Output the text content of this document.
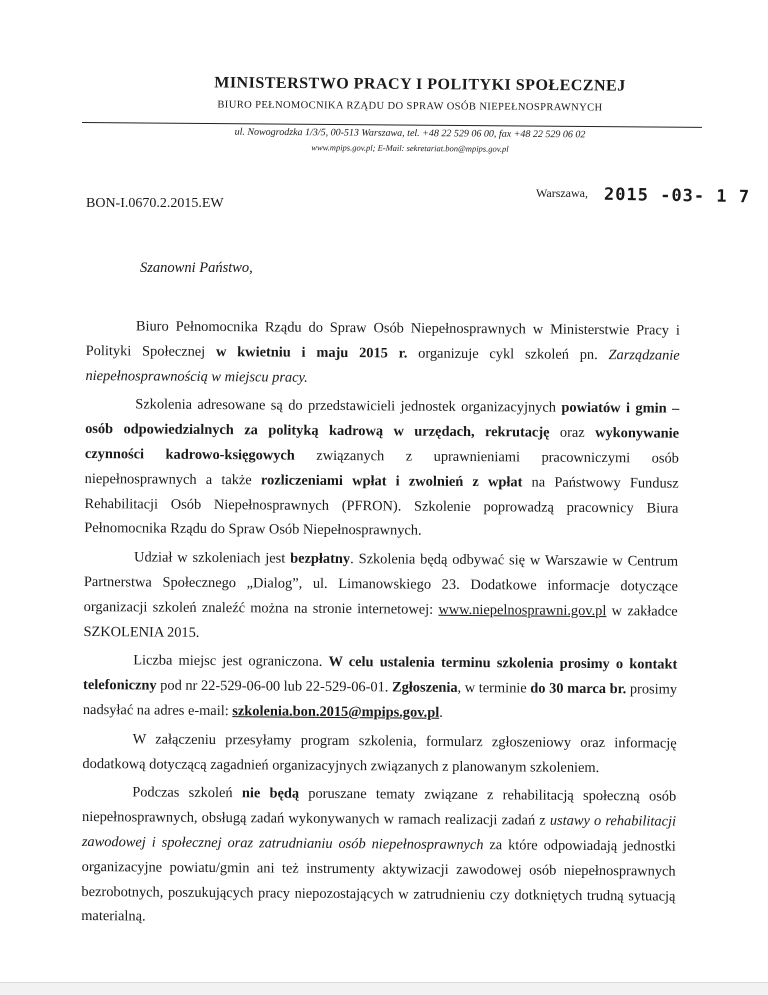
MINISTERSTWO PRACY I POLITYKI SPOŁECZNEJ
BIURO PEŁNOMOCNIKA RZĄDU DO SPRAW OSÓB NIEPEŁNOSPRAWNYCH
ul. Nowogrodzka 1/3/5, 00-513 Warszawa, tel. +48 22 529 06 00, fax +48 22 529 06 02
www.mpips.gov.pl; E-Mail: sekretariat.bon@mpips.gov.pl
BON-I.0670.2.2015.EW
Warszawa, 2015 -03- 1 7
Szanowni Państwo,

Biuro Pełnomocnika Rządu do Spraw Osób Niepełnosprawnych w Ministerstwie Pracy i Polityki Społecznej w kwietniu i maju 2015 r. organizuje cykl szkoleń pn. Zarządzanie niepełnosprawnością w miejscu pracy.

Szkolenia adresowane są do przedstawicieli jednostek organizacyjnych powiatów i gmin – osób odpowiedzialnych za polityką kadrową w urzędach, rekrutację oraz wykonywanie czynności kadrowo-księgowych związanych z uprawnieniami pracowniczymi osób niepełnosprawnych a także rozliczeniami wpłat i zwolnień z wpłat na Państwowy Fundusz Rehabilitacji Osób Niepełnosprawnych (PFRON). Szkolenie poprowadzą pracownicy Biura Pełnomocnika Rządu do Spraw Osób Niepełnosprawnych.

Udział w szkoleniach jest bezpłatny. Szkolenia będą odbywać się w Warszawie w Centrum Partnerstwa Społecznego „Dialog”, ul. Limanowskiego 23. Dodatkowe informacje dotyczące organizacji szkoleń znaleźć można na stronie internetowej: www.niepelnosprawni.gov.pl w zakładce SZKOLENIA 2015.

Liczba miejsc jest ograniczona. W celu ustalenia terminu szkolenia prosimy o kontakt telefoniczny pod nr 22-529-06-00 lub 22-529-06-01. Zgłoszenia, w terminie do 30 marca br. prosimy nadsyłać na adres e-mail: szkolenia.bon.2015@mpips.gov.pl.

W załączeniu przesyłamy program szkolenia, formularz zgłoszeniowy oraz informację dodatkową dotyczącą zagadnień organizacyjnych związanych z planowanym szkoleniem.

Podczas szkoleń nie będą poruszane tematy związane z rehabilitacją społeczną osób niepełnosprawnych, obsługą zadań wykonywanych w ramach realizacji zadań z ustawy o rehabilitacji zawodowej i społecznej oraz zatrudnianiu osób niepełnosprawnych za które odpowiadają jednostki organizacyjne powiatu/gmin ani też instrumenty aktywizacji zawodowej osób niepełnosprawnych bezrobotnych, poszukujących pracy niepozostających w zatrudnieniu czy dotkniętych trudną sytuacją materialną.
